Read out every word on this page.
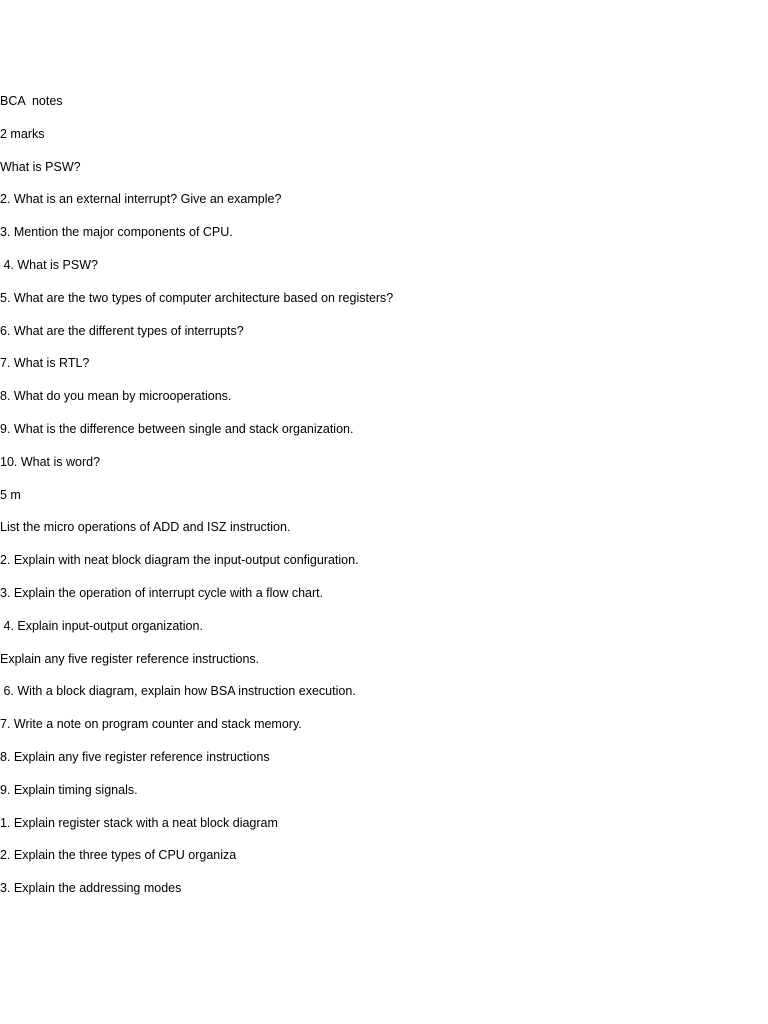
BCA  notes
2 marks
What is PSW?
2. What is an external interrupt? Give an example?
3. Mention the major components of CPU.
4. What is PSW?
5. What are the two types of computer architecture based on registers?
6. What are the different types of interrupts?
7. What is RTL?
8. What do you mean by microoperations.
9. What is the difference between single and stack organization.
10. What is word?
5 m
List the micro operations of ADD and ISZ instruction.
2. Explain with neat block diagram the input-output configuration.
3. Explain the operation of interrupt cycle with a flow chart.
4. Explain input-output organization.
Explain any five register reference instructions.
6. With a block diagram, explain how BSA instruction execution.
7. Write a note on program counter and stack memory.
8. Explain any five register reference instructions
9. Explain timing signals.
1. Explain register stack with a neat block diagram
2. Explain the three types of CPU organiza
3. Explain the addressing modes
